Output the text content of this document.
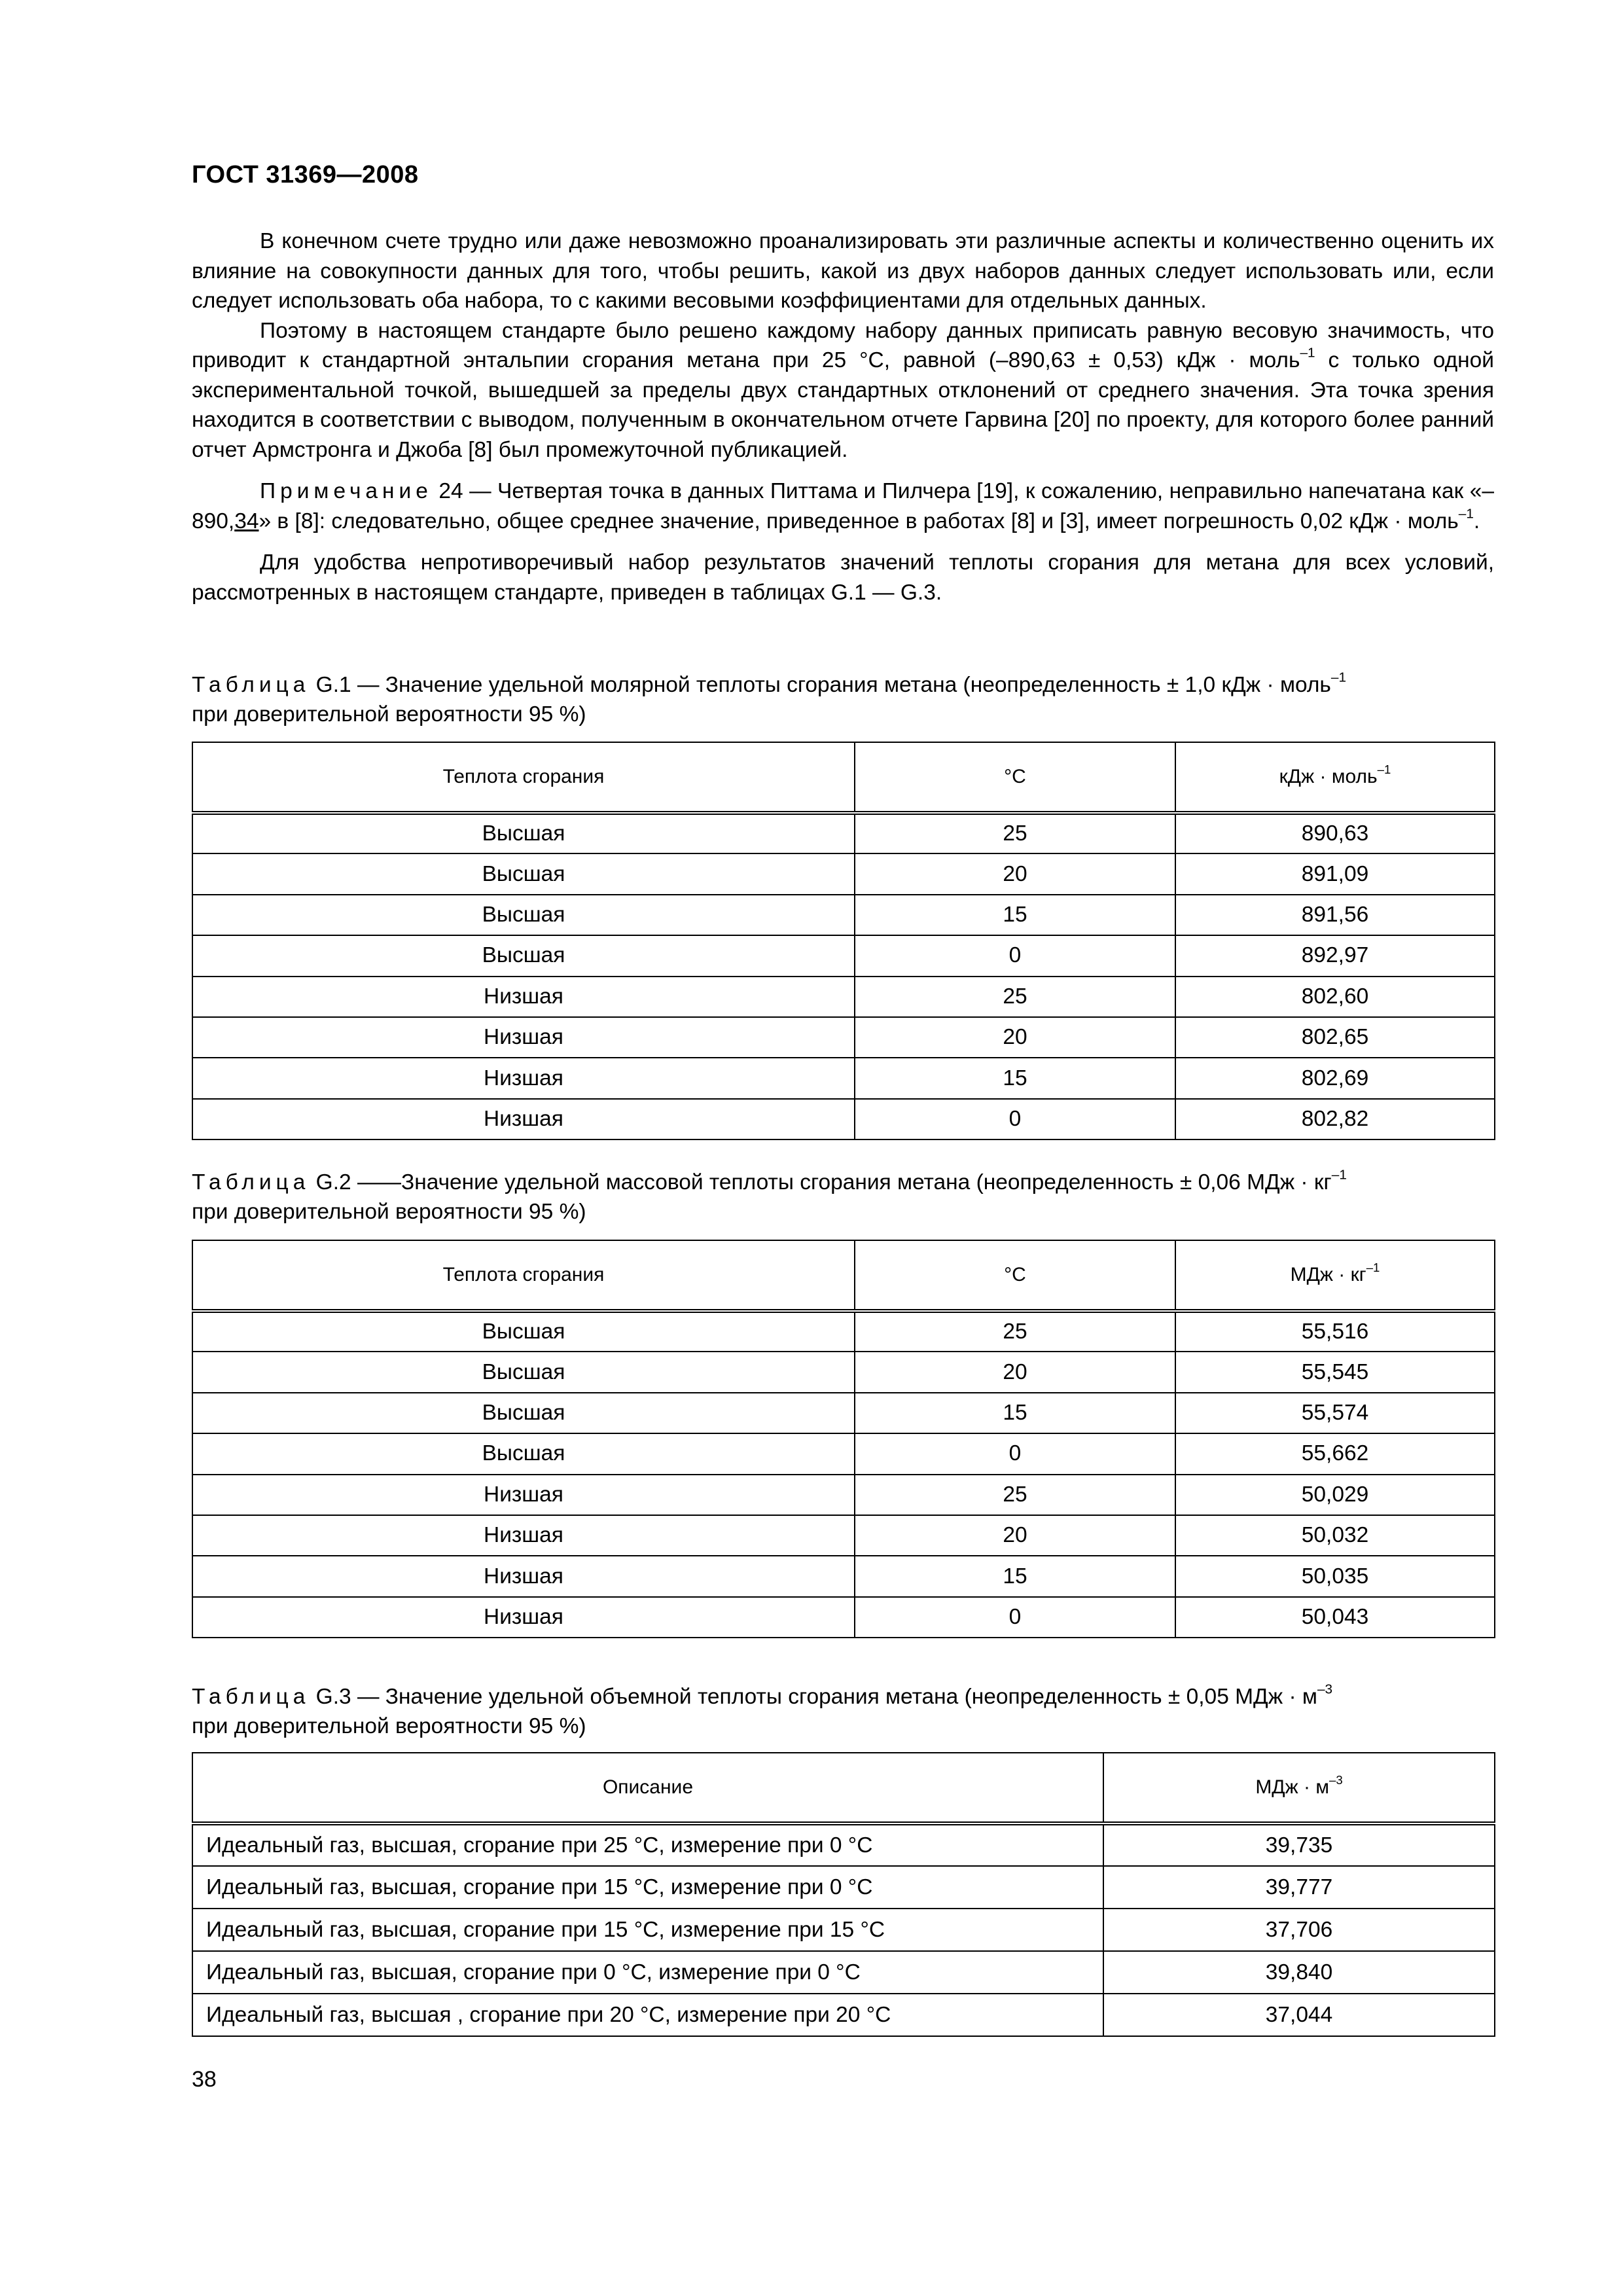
ГОСТ 31369—2008

В конечном счете трудно или даже невозможно проанализировать эти различные аспекты и количественно оценить их влияние на совокупности данных для того, чтобы решить, какой из двух наборов данных следует использовать или, если следует использовать оба набора, то с какими весовыми коэффициентами для отдельных данных.

Поэтому в настоящем стандарте было решено каждому набору данных приписать равную весовую значимость, что приводит к стандартной энтальпии сгорания метана при 25 °С, равной (–890,63 ± 0,53) кДж · моль$^{-1}$ с только одной экспериментальной точкой, вышедшей за пределы двух стандартных отклонений от среднего значения. Эта точка зрения находится в соответствии с выводом, полученным в окончательном отчете Гарвина [20] по проекту, для которого более ранний отчет Армстронга и Джоба [8] был промежуточной публикацией.

Примечание 24 — Четвертая точка в данных Питтама и Пилчера [19], к сожалению, неправильно напечатана как «–890,34» в [8]: следовательно, общее среднее значение, приведенное в работах [8] и [3], имеет погрешность 0,02 кДж · моль$^{-1}$.

Для удобства непротиворечивый набор результатов значений теплоты сгорания для метана для всех условий, рассмотренных в настоящем стандарте, приведен в таблицах G.1 — G.3.

Таблица G.1 — Значение удельной молярной теплоты сгорания метана (неопределенность ± 1,0 кДж · моль$^{-1}$
при доверительной вероятности 95 %)
Теплота сгорания	°С	кДж · моль$^{-1}$
Высшая	25	890,63
Высшая	20	891,09
Высшая	15	891,56
Высшая	0	892,97
Низшая	25	802,60
Низшая	20	802,65
Низшая	15	802,69
Низшая	0	802,82
Таблица G.2 ——Значение удельной массовой теплоты сгорания метана (неопределенность ± 0,06 МДж · $кг^{-1}$
при доверительной вероятности 95 %)
Теплота сгорания	°С	МДж · $кг^{-1}$
Высшая	25	55,516
Высшая	20	55,545
Высшая	15	55,574
Высшая	0	55,662
Низшая	25	50,029
Низшая	20	50,032
Низшая	15	50,035
Низшая	0	50,043
Таблица G.3 — Значение удельной объемной теплоты сгорания метана (неопределенность ± 0,05 МДж · $м^{-3}$
при доверительной вероятности 95 %)
Описание	МДж · $м^{-3}$
Идеальный газ, высшая, сгорание при 25 °С, измерение при 0 °С	39,735
Идеальный газ, высшая, сгорание при 15 °С, измерение при 0 °С	39,777
Идеальный газ, высшая, сгорание при 15 °С, измерение при 15 °С	37,706
Идеальный газ, высшая, сгорание при 0 °С, измерение при 0 °С	39,840
Идеальный газ, высшая , сгорание при 20 °С, измерение при 20 °С	37,044
38
